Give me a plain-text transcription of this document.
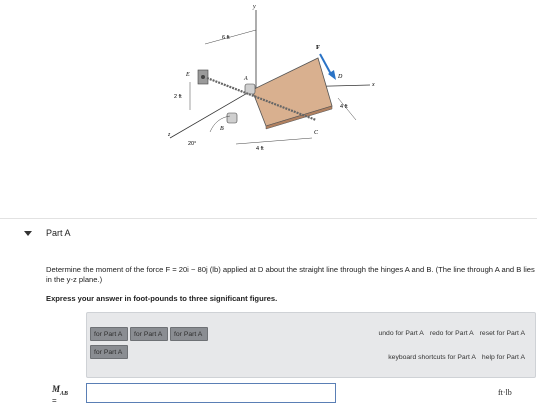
y
x
z
E
A
B
F
D
C
6 ft
2 ft
4 ft
4 ft
20°
Part A
Determine the moment of the force F = 20i − 80j (lb) applied at D about the straight line through the hinges A and B. (The line through A and B lies in the y-z plane.)
Express your answer in foot-pounds to three significant figures.
for Part A	for Part A	for Part A
for Part A
undo for Part A redo for Part A reset for Part A
keyboard shortcuts for Part A help for Part A
$M_{AB}$
=
ft·lb
